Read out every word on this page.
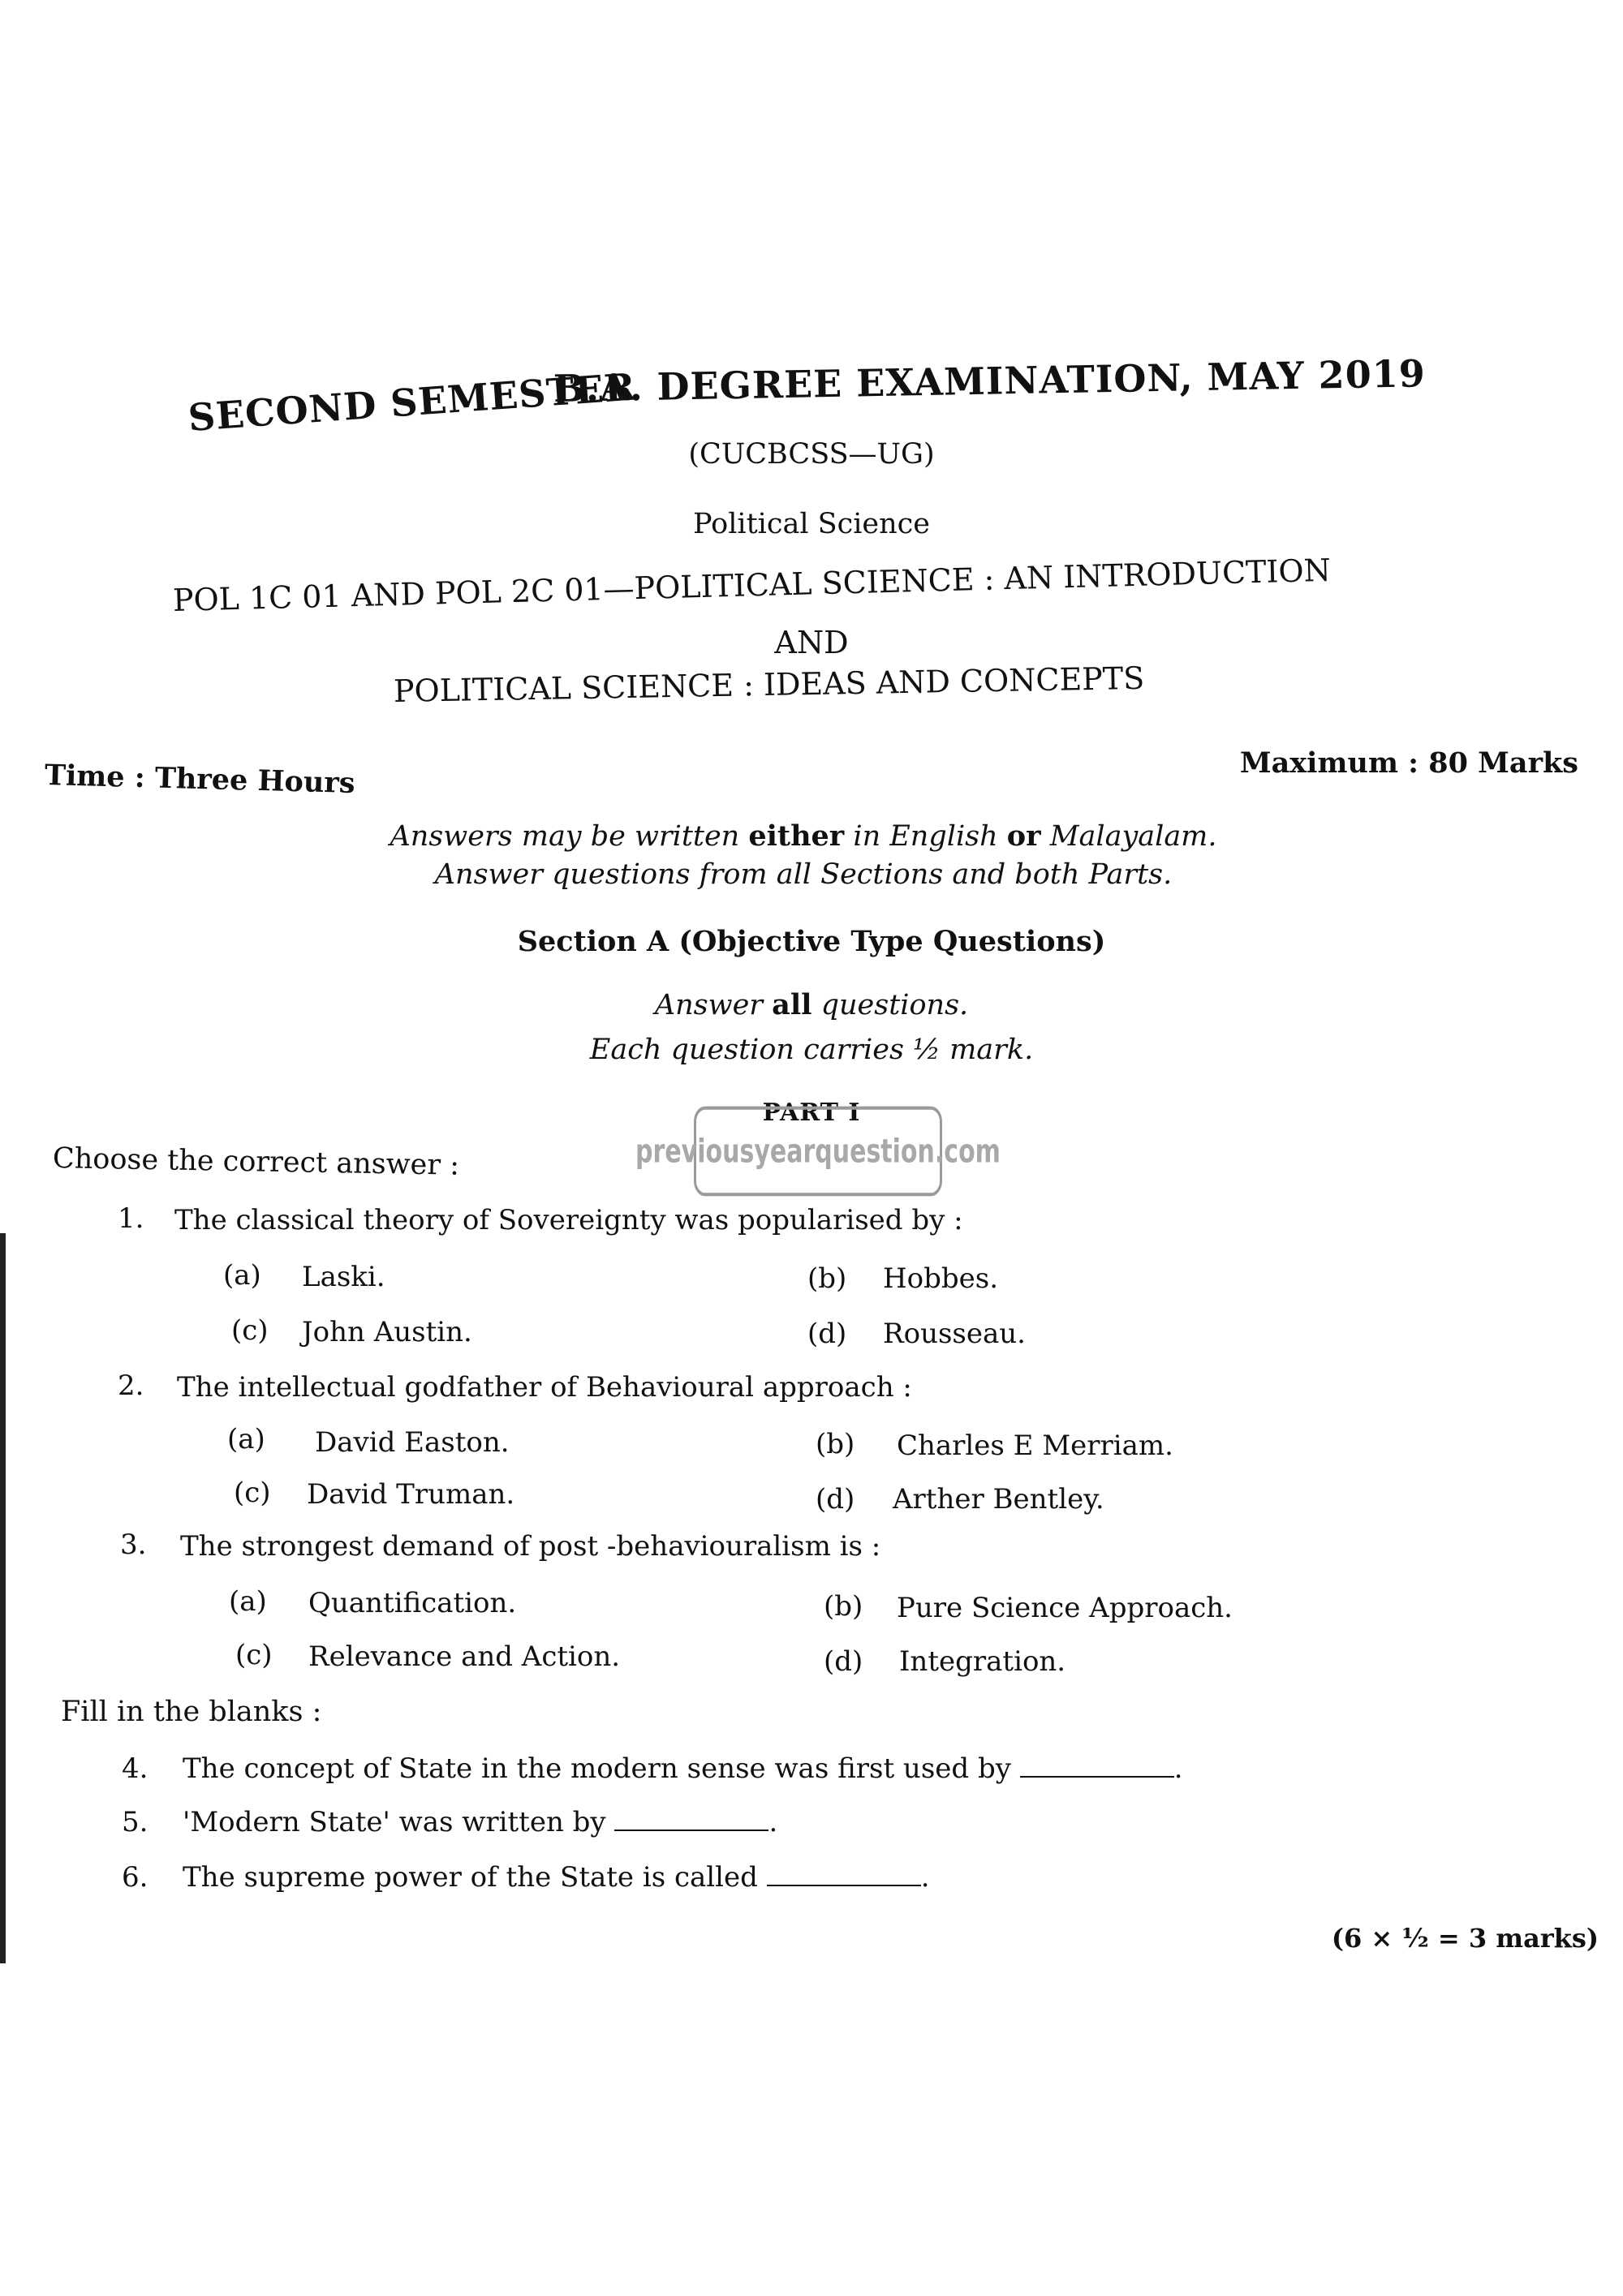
SECOND SEMESTER
B.A. DEGREE EXAMINATION, MAY 2019
(CUCBCSS—UG)
Political Science
POL 1C 01 AND POL 2C 01—POLITICAL SCIENCE : AN INTRODUCTION
AND
POLITICAL SCIENCE : IDEAS AND CONCEPTS
Time : Three Hours	Maximum : 80 Marks
Answers may be written either in English or Malayalam.
Answer questions from all Sections and both Parts.
Section A (Objective Type Questions)
Answer all questions.
Each question carries ½ mark.
PART I
previousyearquestion.com
Choose the correct answer :
1. The classical theory of Sovereignty was popularised by :
(a) Laski.	(b) Hobbes.
(c) John Austin.	(d) Rousseau.
2. The intellectual godfather of Behavioural approach :
(a) David Easton.	(b) Charles E Merriam.
(c) David Truman.	(d) Arther Bentley.
3. The strongest demand of post -behaviouralism is :
(a) Quantification.	(b) Pure Science Approach.
(c) Relevance and Action.	(d) Integration.
Fill in the blanks :
4. The concept of State in the modern sense was first used by	.
5. 'Modern State' was written by	.
6. The supreme power of the State is called	.
(6 × ½ = 3 marks)
